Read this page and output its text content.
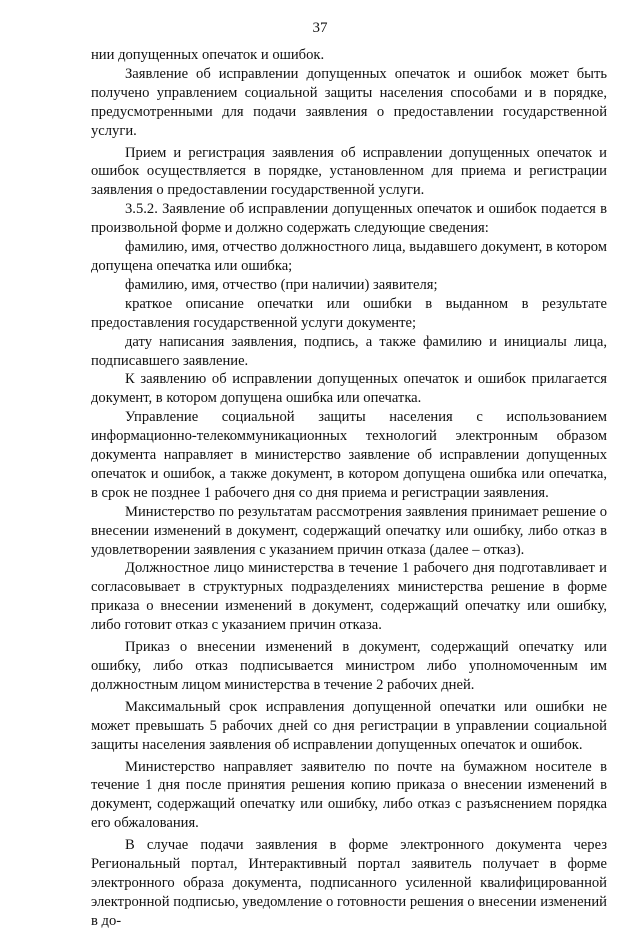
37

нии допущенных опечаток и ошибок.

Заявление об исправлении допущенных опечаток и ошибок может быть получено управлением социальной защиты населения способами и в порядке, предусмотренными для подачи заявления о предоставлении государственной услуги.

Прием и регистрация заявления об исправлении допущенных опечаток и ошибок осуществляется в порядке, установленном для приема и регистрации заявления о предоставлении государственной услуги.

3.5.2. Заявление об исправлении допущенных опечаток и ошибок подается в произвольной форме и должно содержать следующие сведения:

фамилию, имя, отчество должностного лица, выдавшего документ, в котором допущена опечатка или ошибка;

фамилию, имя, отчество (при наличии) заявителя;

краткое описание опечатки или ошибки в выданном в результате предоставления государственной услуги документе;

дату написания заявления, подпись, а также фамилию и инициалы лица, подписавшего заявление.

К заявлению об исправлении допущенных опечаток и ошибок прилагается документ, в котором допущена ошибка или опечатка.

Управление социальной защиты населения с использованием информационно-телекоммуникационных технологий электронным образом документа направляет в министерство заявление об исправлении допущенных опечаток и ошибок, а также документ, в котором допущена ошибка или опечатка, в срок не позднее 1 рабочего дня со дня приема и регистрации заявления.

Министерство по результатам рассмотрения заявления принимает решение о внесении изменений в документ, содержащий опечатку или ошибку, либо отказ в удовлетворении заявления с указанием причин отказа (далее – отказ).

Должностное лицо министерства в течение 1 рабочего дня подготавливает и согласовывает в структурных подразделениях министерства решение в форме приказа о внесении изменений в документ, содержащий опечатку или ошибку, либо готовит отказ с указанием причин отказа.

Приказ о внесении изменений в документ, содержащий опечатку или ошибку, либо отказ подписывается министром либо уполномоченным им должностным лицом министерства в течение 2 рабочих дней.

Максимальный срок исправления допущенной опечатки или ошибки не может превышать 5 рабочих дней со дня регистрации в управлении социальной защиты населения заявления об исправлении допущенных опечаток и ошибок.

Министерство направляет заявителю по почте на бумажном носителе в течение 1 дня после принятия решения копию приказа о внесении изменений в документ, содержащий опечатку или ошибку, либо отказ с разъяснением порядка его обжалования.

В случае подачи заявления в форме электронного документа через Региональный портал, Интерактивный портал заявитель получает в форме электронного образа документа, подписанного усиленной квалифицированной электронной подписью, уведомление о готовности решения о внесении изменений в до-
